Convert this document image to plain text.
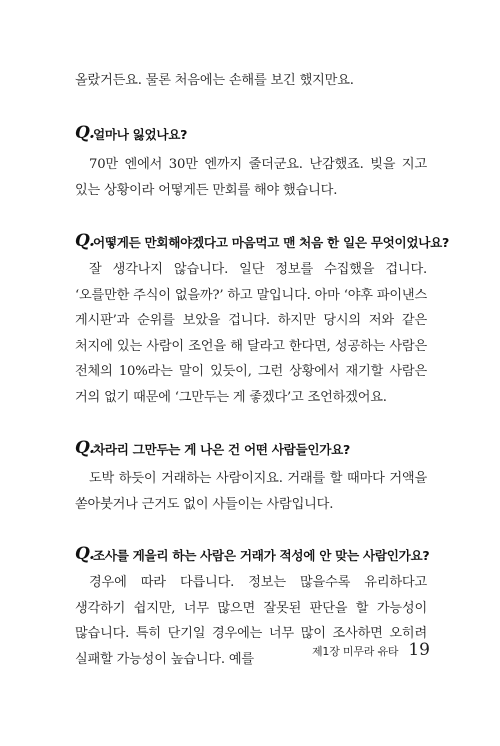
올랐거든요. 물론 처음에는 손해를 보긴 했지만요.

Q.
얼마나 잃었나요?

70만 엔에서 30만 엔까지 줄더군요. 난감했죠. 빚을 지고 있는 상황이라 어떻게든 만회를 해야 했습니다.

Q.
어떻게든 만회해야겠다고 마음먹고 맨 처음 한 일은 무엇이었나요?

잘 생각나지 않습니다. 일단 정보를 수집했을 겁니다. ‘오를만한 주식이 없을까?’ 하고 말입니다. 아마 ‘야후 파이낸스 게시판’과 순위를 보았을 겁니다. 하지만 당시의 저와 같은 처지에 있는 사람이 조언을 해 달라고 한다면, 성공하는 사람은 전체의 10%라는 말이 있듯이, 그런 상황에서 재기할 사람은 거의 없기 때문에 ‘그만두는 게 좋겠다’고 조언하겠어요.

Q.
차라리 그만두는 게 나은 건 어떤 사람들인가요?

도박 하듯이 거래하는 사람이지요. 거래를 할 때마다 거액을 쏟아붓거나 근거도 없이 사들이는 사람입니다.

Q.
조사를 게을리 하는 사람은 거래가 적성에 안 맞는 사람인가요?

경우에 따라 다릅니다. 정보는 많을수록 유리하다고 생각하기 쉽지만, 너무 많으면 잘못된 판단을 할 가능성이 많습니다. 특히 단기일 경우에는 너무 많이 조사하면 오히려 실패할 가능성이 높습니다. 예를	제1장 미무라 유타 19
